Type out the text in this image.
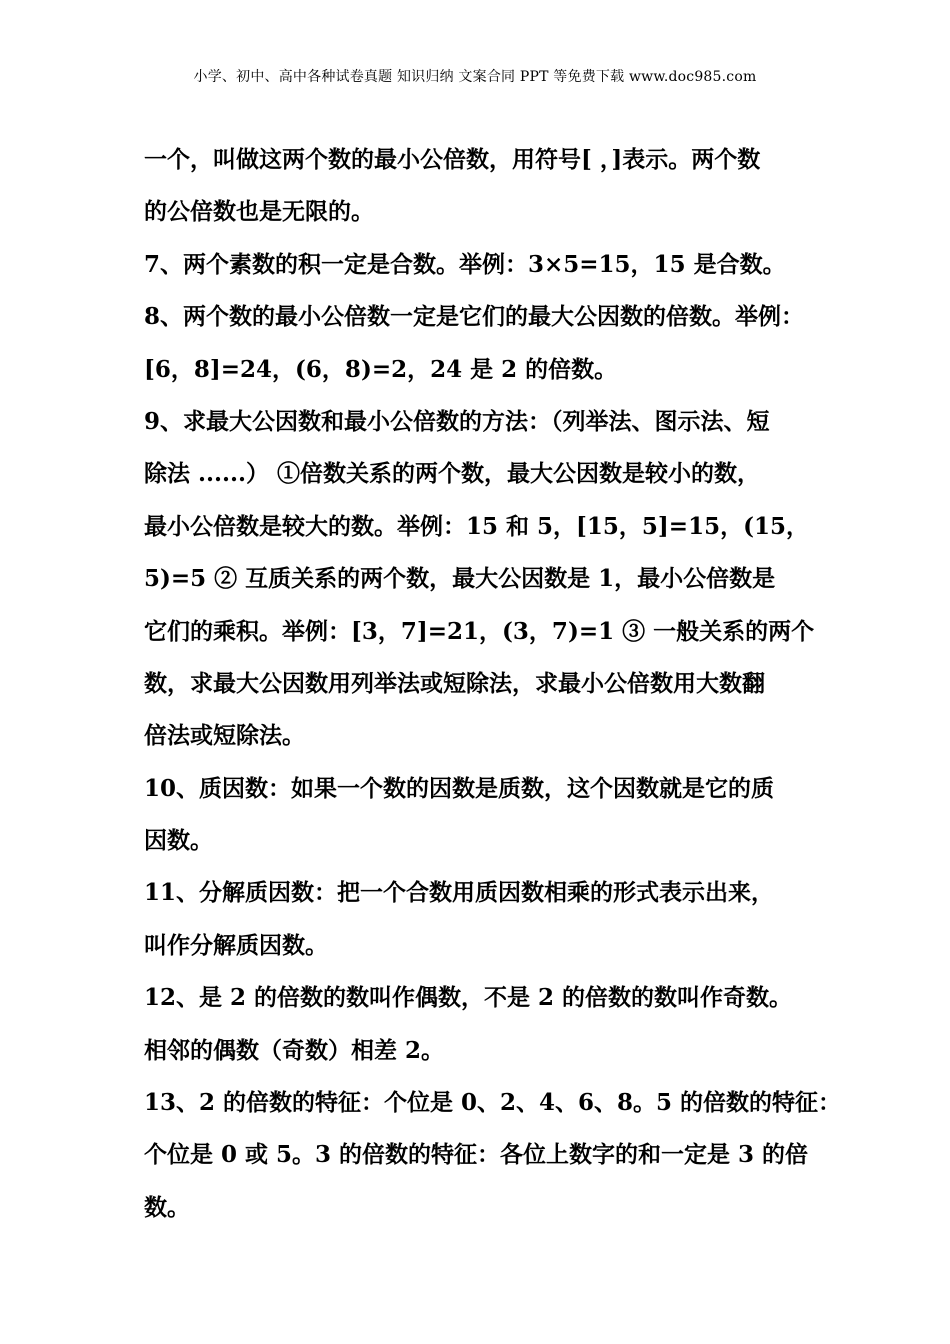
小学、初中、高中各种试卷真题 知识归纳 文案合同 PPT 等免费下载 www.doc985.com
一个，叫做这两个数的最小公倍数，用符号[ ，]表示。两个数
的公倍数也是无限的。
7、两个素数的积一定是合数。举例：3×5=15，15 是合数。
8、两个数的最小公倍数一定是它们的最大公因数的倍数。举例：
[6，8]=24，(6，8)=2，24 是 2 的倍数。
9、求最大公因数和最小公倍数的方法：（列举法、图示法、短
除法 ......） ①倍数关系的两个数，最大公因数是较小的数，
最小公倍数是较大的数。举例：15 和 5，[15，5]=15，(15，
5)=5 ② 互质关系的两个数，最大公因数是 1，最小公倍数是
它们的乘积。举例：[3，7]=21，(3，7)=1 ③ 一般关系的两个
数，求最大公因数用列举法或短除法，求最小公倍数用大数翻
倍法或短除法。
10、质因数：如果一个数的因数是质数，这个因数就是它的质
因数。
11、分解质因数：把一个合数用质因数相乘的形式表示出来，
叫作分解质因数。
12、是 2 的倍数的数叫作偶数，不是 2 的倍数的数叫作奇数。
相邻的偶数（奇数）相差 2。
13、2 的倍数的特征：个位是 0、2、4、6、8。5 的倍数的特征：
个位是 0 或 5。3 的倍数的特征：各位上数字的和一定是 3 的倍
数。
